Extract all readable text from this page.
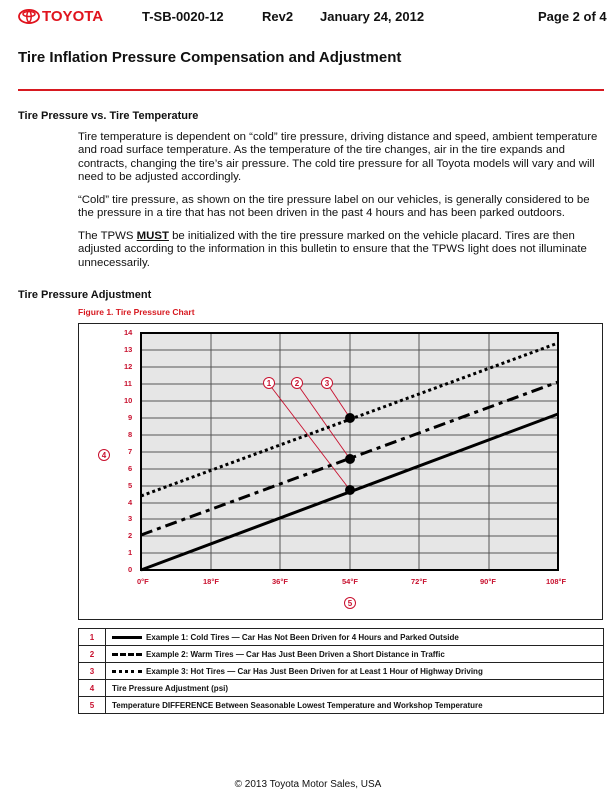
TOYOTA	T-SB-0020-12	Rev2 January 24, 2012	Page 2 of 4
Tire Inflation Pressure Compensation and Adjustment
Tire Pressure vs. Tire Temperature
Tire temperature is dependent on “cold” tire pressure, driving distance and speed, ambient temperature and road surface temperature. As the temperature of the tire changes, air in the tire expands and contracts, changing the tire’s air pressure. The cold tire pressure for all Toyota models will vary and will need to be adjusted accordingly.
“Cold” tire pressure, as shown on the tire pressure label on our vehicles, is generally considered to be the pressure in a tire that has not been driven in the past 4 hours and has been parked outdoors.
The TPWS MUST be initialized with the tire pressure marked on the vehicle placard. Tires are then adjusted according to the information in this bulletin to ensure that the TPWS light does not illuminate unnecessarily.
Tire Pressure Adjustment
Figure 1. Tire Pressure Chart
14
13
12
11
10
9
8
7
6
5
4
3
2
1
0
0°F	18°F	36°F	54°F	72°F	90°F	108°F
1	2	3
4
5
1	Example 1: Cold Tires — Car Has Not Been Driven for 4 Hours and Parked Outside
2	Example 2: Warm Tires — Car Has Just Been Driven a Short Distance in Traffic
3	Example 3: Hot Tires — Car Has Just Been Driven for at Least 1 Hour of Highway Driving
4	Tire Pressure Adjustment (psi)
5	Temperature DIFFERENCE Between Seasonable Lowest Temperature and Workshop Temperature
© 2013 Toyota Motor Sales, USA
